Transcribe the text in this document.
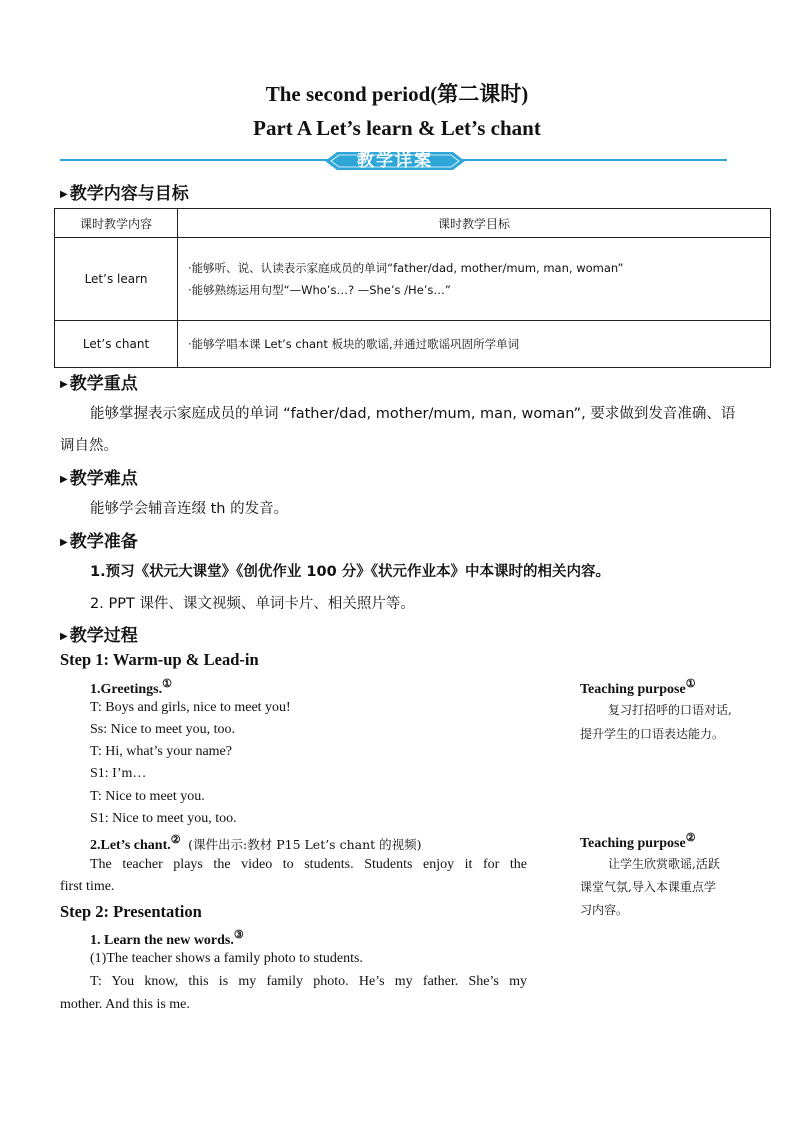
The second period(第二课时)
Part A Let’s learn & Let’s chant
教学详案
▶ 教学内容与目标
课时教学内容	课时教学目标
Let’s learn	·能够听、说、认读表示家庭成员的单词“father/dad, mother/mum, man, woman”
·能够熟练运用句型“—Who’s…? —She’s /He’s…”

Let’s chant	·能够学唱本课 Let’s chant 板块的歌谣,并通过歌谣巩固所学单词
▶ 教学重点
能够掌握表示家庭成员的单词 “father/dad, mother/mum, man, woman”, 要求做到发音准确、语
调自然。
▶ 教学难点
能够学会辅音连缀 th 的发音。
▶ 教学准备
1.预习《状元大课堂》《创优作业 100 分》《状元作业本》中本课时的相关内容。
2. PPT 课件、课文视频、单词卡片、相关照片等。
▶ 教学过程
Step 1: Warm-up & Lead-in
1.Greetings.①
T: Boys and girls, nice to meet you!
Ss: Nice to meet you, too.
T: Hi, what’s your name?
S1: I’m…
T: Nice to meet you.
S1: Nice to meet you, too.
2.Let’s chant.② (课件出示:教材 P15 Let’s chant 的视频)
The teacher plays the video to students. Students enjoy it for the
first time.
Step 2: Presentation
1. Learn the new words.③
(1)The teacher shows a family photo to students.
T: You know, this is my family photo. He’s my father. She’s my
mother. And this is me.
Teaching purpose①
复习打招呼的口语对话,
提升学生的口语表达能力。
Teaching purpose②
让学生欣赏歌谣,活跃
课堂气氛,导入本课重点学
习内容。
